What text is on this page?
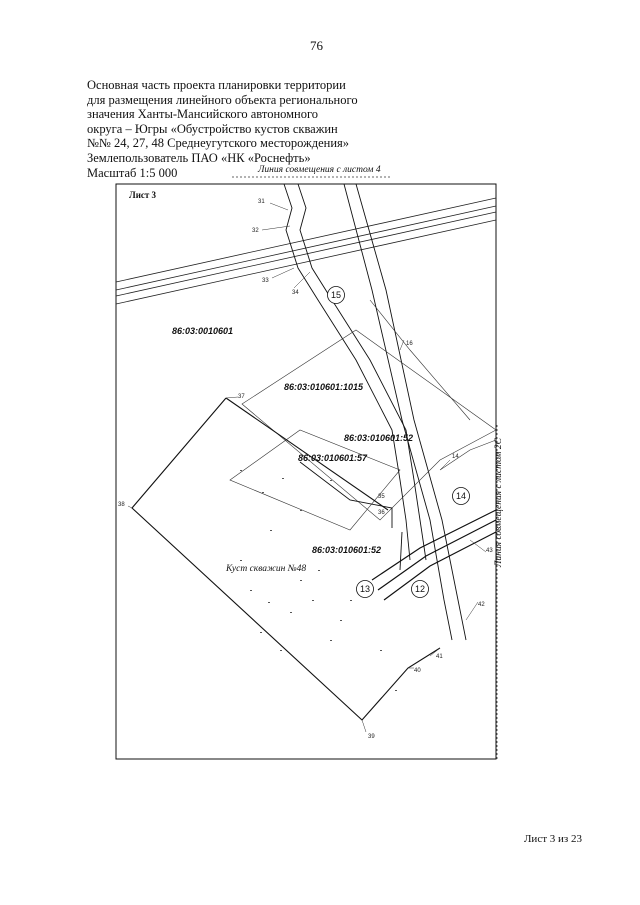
76
Основная часть проекта планировки территории
для размещения линейного объекта регионального
значения Ханты-Мансийского автономного
округа – Югры «Обустройство кустов скважин
№№ 24, 27, 48 Среднеугутского месторождения»
Землепользователь ПАО «НК «Роснефть»
Масштаб 1:5 000	Линия совмещения с листом 4
Линия совмещения с листом 2С
Лист 3
31
32
33
34
16
37
14
38
35
36
43
42
41
40
39
15
14
13	12
86:03:0010601
86:03:010601:1015
86:03:010601:52
86:03:010601:57
86:03:010601:52
Куст скважин №48
Лист 3 из 23
